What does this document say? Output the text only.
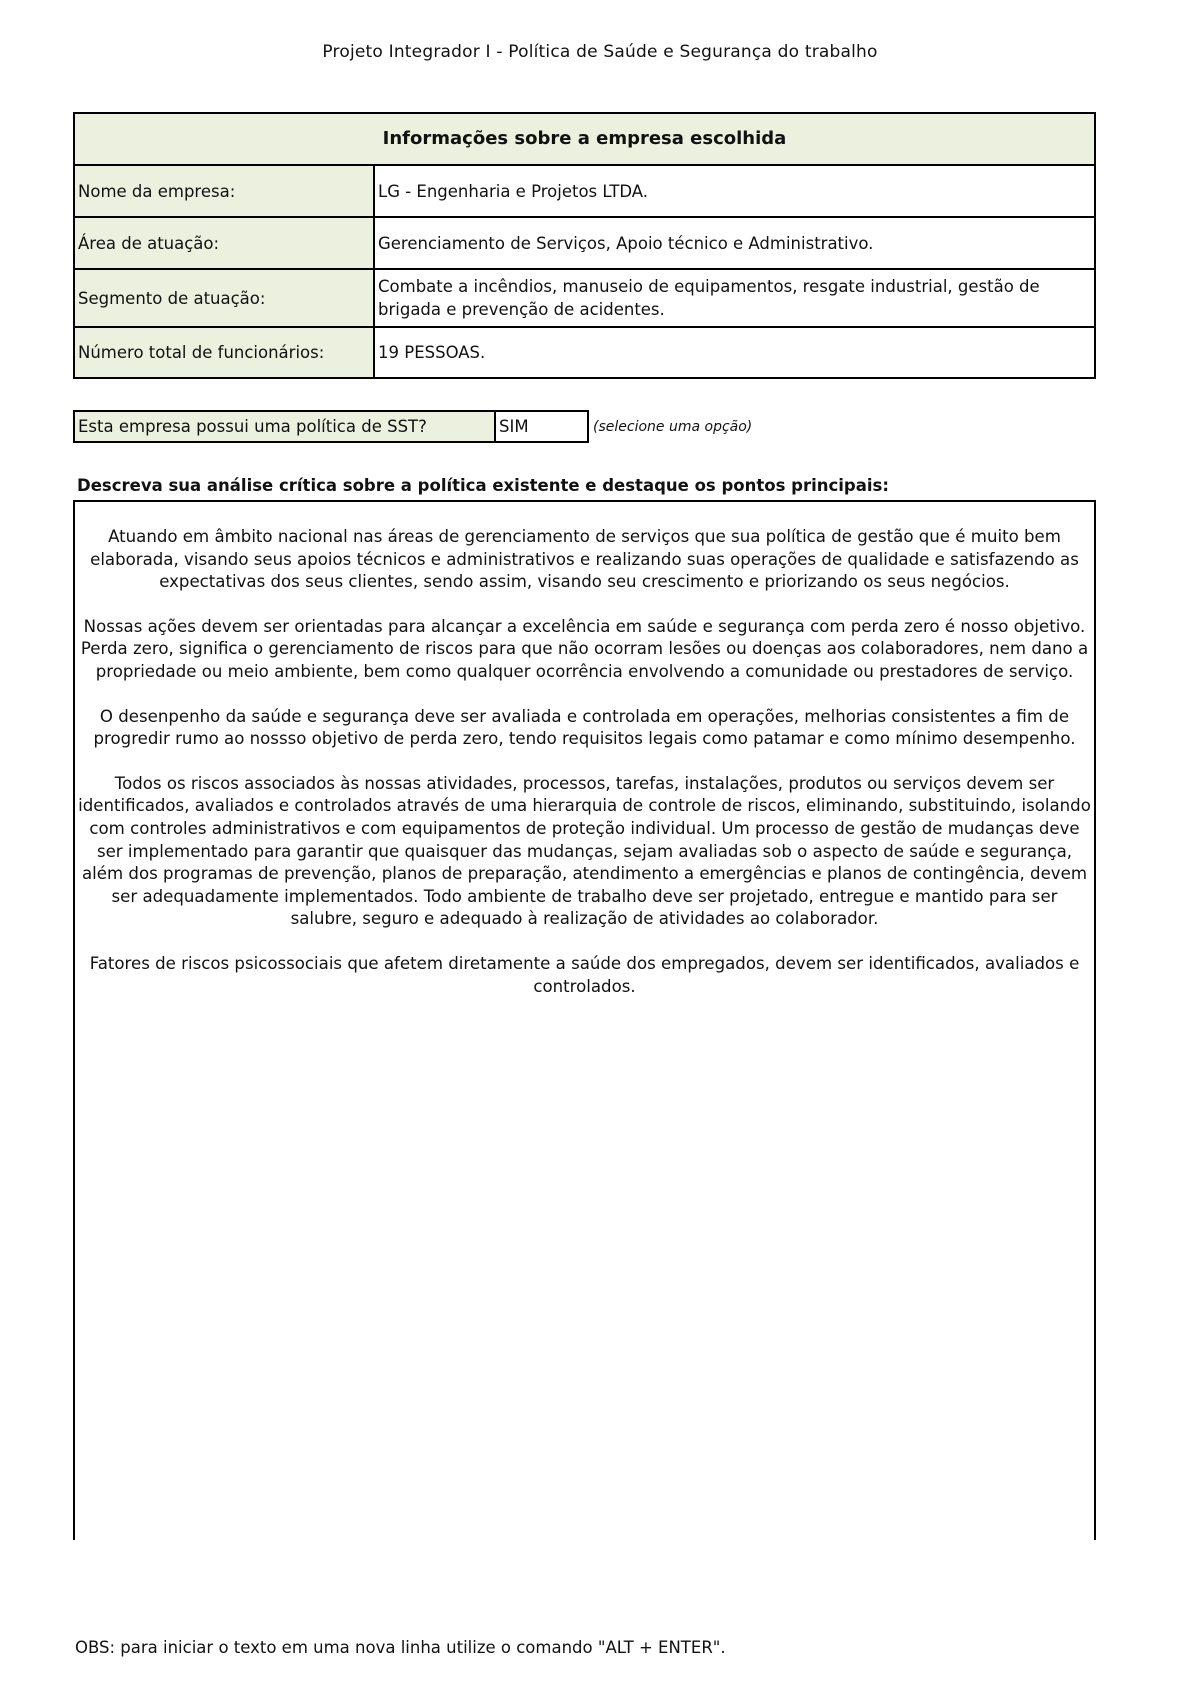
Projeto Integrador I - Política de Saúde e Segurança do trabalho
Informações sobre a empresa escolhida
Nome da empresa:	LG - Engenharia e Projetos LTDA.
Área de atuação:	Gerenciamento de Serviços, Apoio técnico e Administrativo.
Segmento de atuação:
Combate a incêndios, manuseio de equipamentos, resgate industrial, gestão de brigada e prevenção de acidentes.
Número total de funcionários:	19 PESSOAS.
Esta empresa possui uma política de SST?	SIM	(selecione uma opção)
Descreva sua análise crítica sobre a política existente e destaque os pontos principais:

Atuando em âmbito nacional nas áreas de gerenciamento de serviços que sua política de gestão que é muito bem elaborada, visando seus apoios técnicos e administrativos e realizando suas operações de qualidade e satisfazendo as expectativas dos seus clientes, sendo assim, visando seu crescimento e priorizando os seus negócios.

Nossas ações devem ser orientadas para alcançar a excelência em saúde e segurança com perda zero é nosso objetivo. Perda zero, significa o gerenciamento de riscos para que não ocorram lesões ou doenças aos colaboradores, nem dano a propriedade ou meio ambiente, bem como qualquer ocorrência envolvendo a comunidade ou prestadores de serviço.

O desenpenho da saúde e segurança deve ser avaliada e controlada em operações, melhorias consistentes a fim de progredir rumo ao nossso objetivo de perda zero, tendo requisitos legais como patamar e como mínimo desempenho.

Todos os riscos associados às nossas atividades, processos, tarefas, instalações, produtos ou serviços devem ser identificados, avaliados e controlados através de uma hierarquia de controle de riscos, eliminando, substituindo, isolando com controles administrativos e com equipamentos de proteção individual. Um processo de gestão de mudanças deve ser implementado para garantir que quaisquer das mudanças, sejam avaliadas sob o aspecto de saúde e segurança, além dos programas de prevenção, planos de preparação, atendimento a emergências e planos de contingência, devem ser adequadamente implementados. Todo ambiente de trabalho deve ser projetado, entregue e mantido para ser salubre, seguro e adequado à realização de atividades ao colaborador.

Fatores de riscos psicossociais que afetem diretamente a saúde dos empregados, devem ser identificados, avaliados e controlados.

OBS: para iniciar o texto em uma nova linha utilize o comando "ALT + ENTER".
